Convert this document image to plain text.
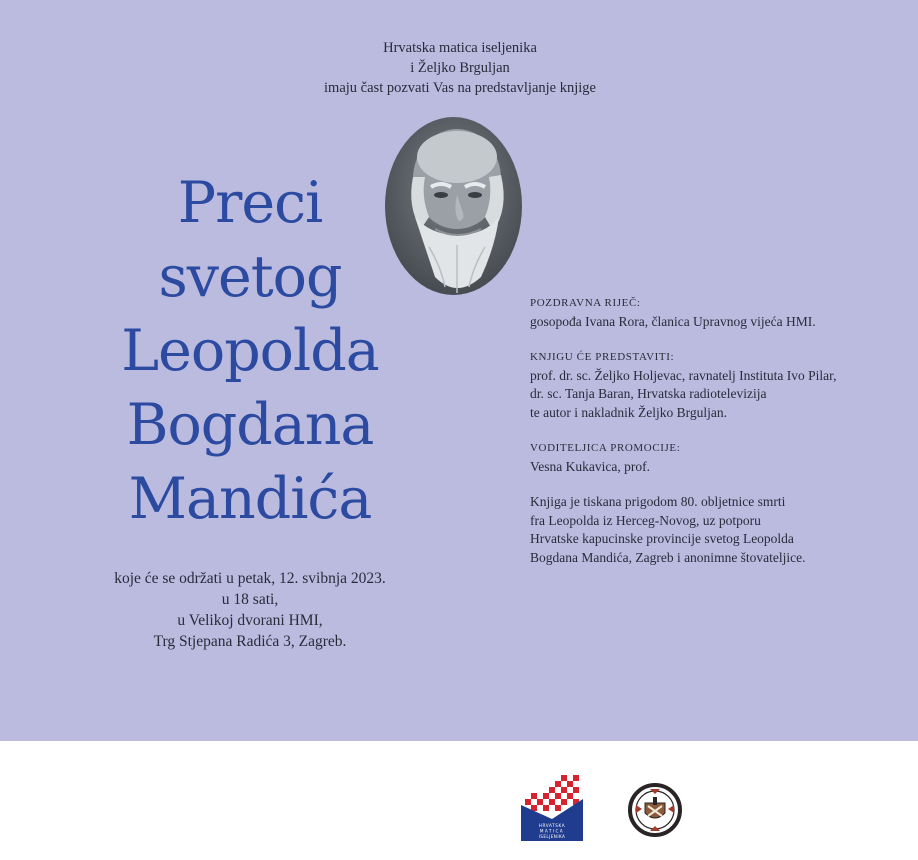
Hrvatska matica iseljenika
i Željko Brguljan
imaju čast pozvati Vas na predstavljanje knjige
Preci
svetog
Leopolda
Bogdana
Mandića
koje će se održati u petak, 12. svibnja 2023.
u 18 sati,
u Velikoj dvorani HMI,
Trg Stjepana Radića 3, Zagreb.
POZDRAVNA RIJEČ:
gosopođa Ivana Rora, članica Upravnog vijeća HMI.
KNJIGU ĆE PREDSTAVITI:
prof. dr. sc. Željko Holjevac, ravnatelj Instituta Ivo Pilar,
dr. sc. Tanja Baran, Hrvatska radiotelevizija
te autor i nakladnik Željko Brguljan.
VODITELJICA PROMOCIJE:
Vesna Kukavica, prof.
Knjiga je tiskana prigodom 80. obljetnice smrti
fra Leopolda iz Herceg-Novog, uz potporu
Hrvatske kapucinske provincije svetog Leopolda
Bogdana Mandića, Zagreb i anonimne štovateljice.
HRVATSKA
MATICA
ISELJENIKA
